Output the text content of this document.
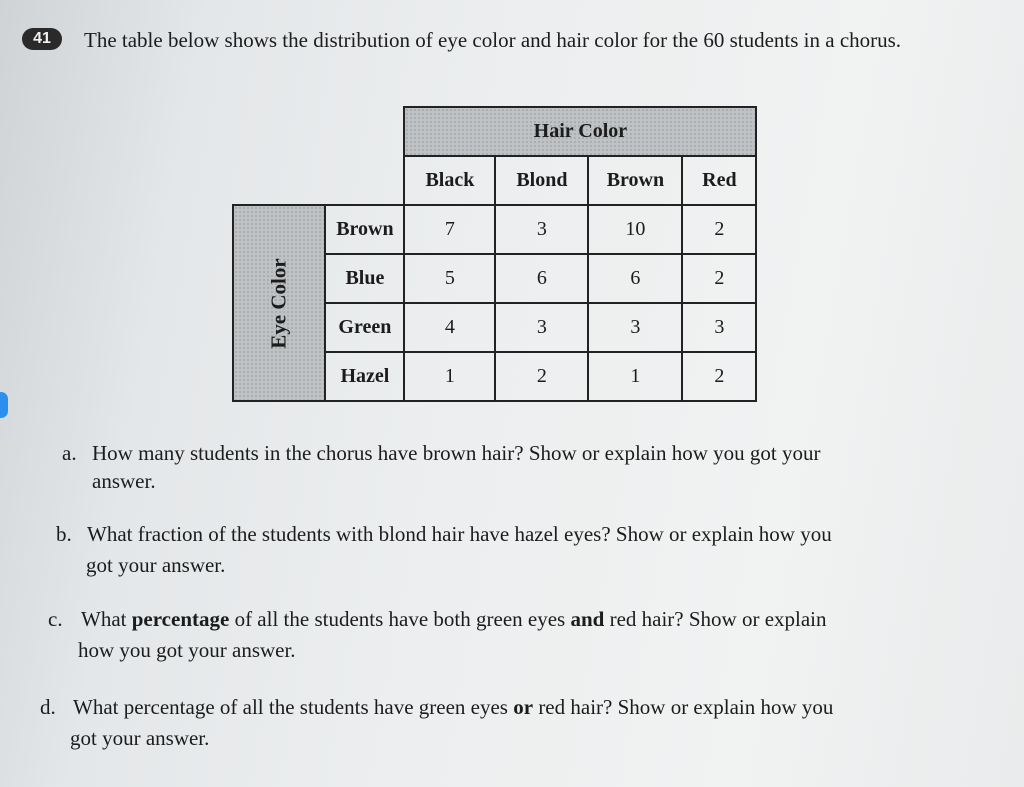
41	The table below shows the distribution of eye color and hair color for the 60 students in a chorus.
		Hair Color			
		Black	Blond	Brown	Red
Eye Color	Brown	7	3	10	2
	Blue	5	6	6	2
	Green	4	3	3	3
	Hazel	1	2	1	2
a. How many students in the chorus have brown hair? Show or explain how you got your
answer.
b. What fraction of the students with blond hair have hazel eyes? Show or explain how you
got your answer.
c. What percentage of all the students have both green eyes and red hair? Show or explain
how you got your answer.
d. What percentage of all the students have green eyes or red hair? Show or explain how you
got your answer.
